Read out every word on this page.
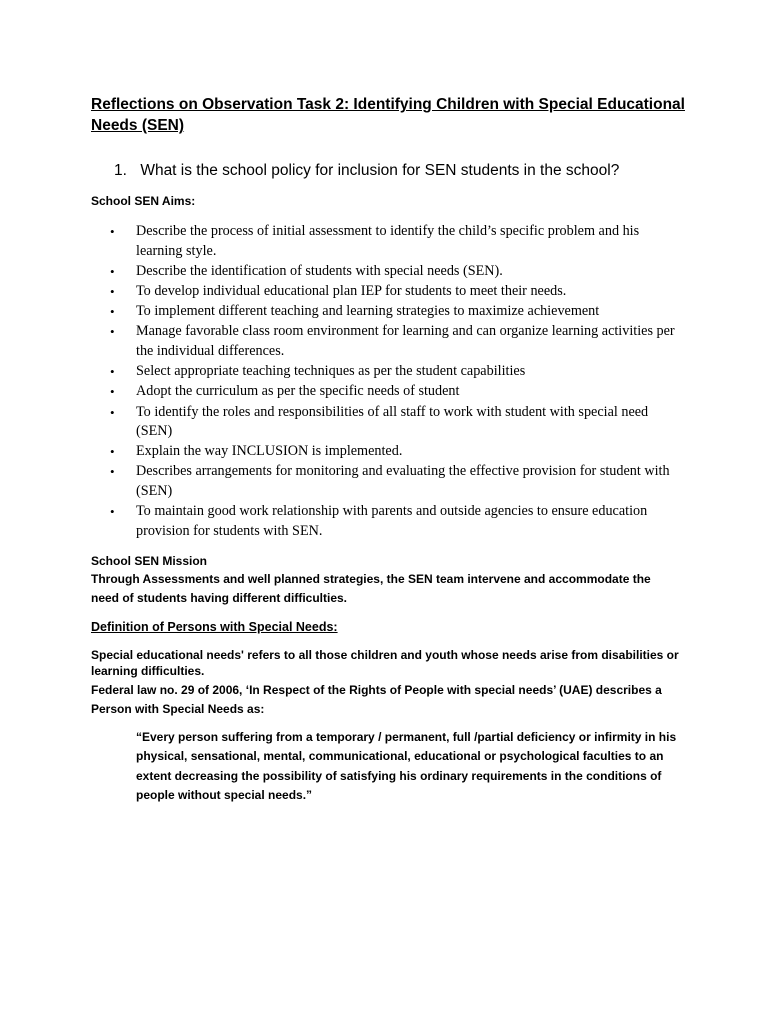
Reflections on Observation Task 2: Identifying Children with Special Educational Needs (SEN)

1. What is the school policy for inclusion for SEN students in the school?

School SEN Aims:

• Describe the process of initial assessment to identify the child’s specific problem and his learning style.
• Describe the identification of students with special needs (SEN).
• To develop individual educational plan IEP for students to meet their needs.
• To implement different teaching and learning strategies to maximize achievement
• Manage favorable class room environment for learning and can organize learning activities per the individual differences.
• Select appropriate teaching techniques as per the student capabilities
• Adopt the curriculum as per the specific needs of student
• To identify the roles and responsibilities of all staff to work with student with special need (SEN)
• Explain the way INCLUSION is implemented.
• Describes arrangements for monitoring and evaluating the effective provision for student with (SEN)
• To maintain good work relationship with parents and outside agencies to ensure education provision for students with SEN.

School SEN Mission

Through Assessments and well planned strategies, the SEN team intervene and accommodate the need of students having different difficulties.

Definition of Persons with Special Needs:

Special educational needs' refers to all those children and youth whose needs arise from disabilities or learning difficulties.

Federal law no. 29 of 2006, ‘In Respect of the Rights of People with special needs’ (UAE) describes a Person with Special Needs as:

“Every person suffering from a temporary / permanent, full /partial deficiency or infirmity in his physical, sensational, mental, communicational, educational or psychological faculties to an extent decreasing the possibility of satisfying his ordinary requirements in the conditions of people without special needs.”
